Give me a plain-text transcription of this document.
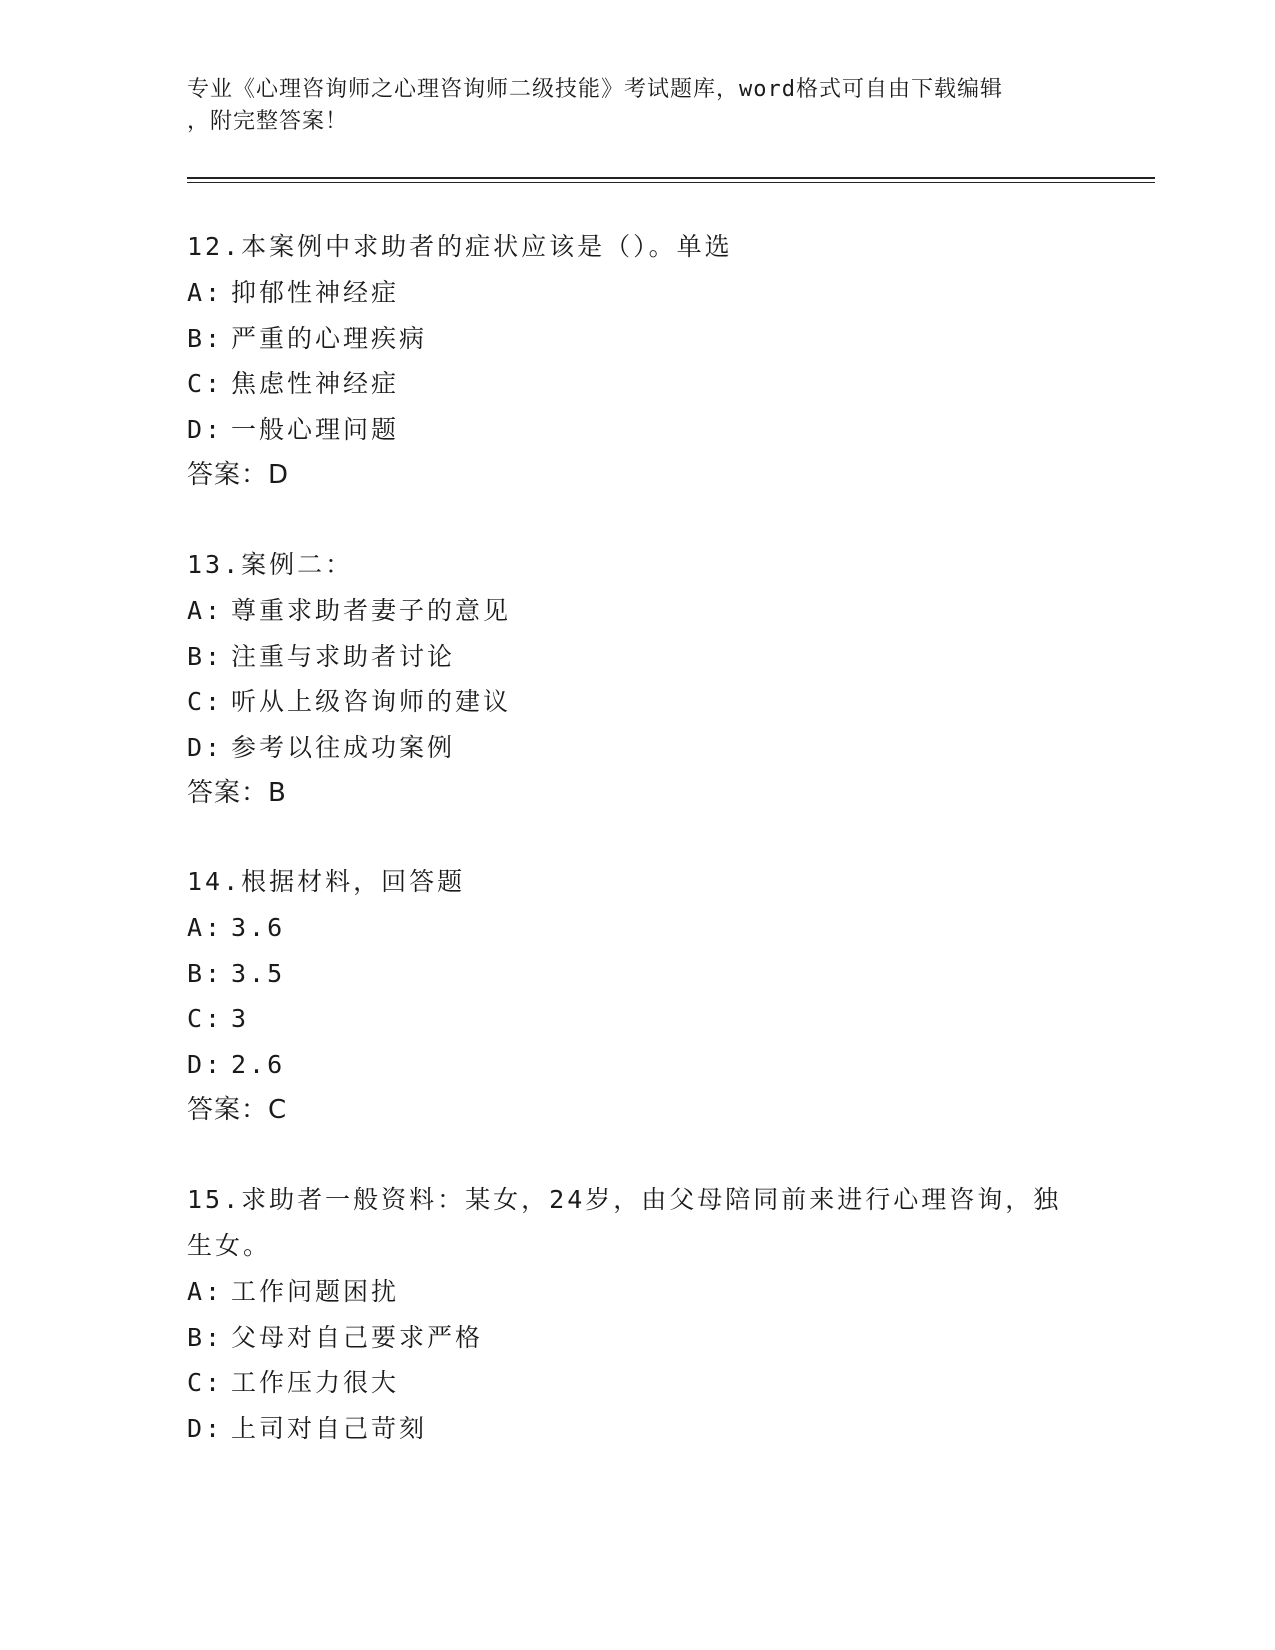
专业《心理咨询师之心理咨询师二级技能》考试题库，word格式可自由下载编辑
，附完整答案！
12.本案例中求助者的症状应该是（）。单选
A: 抑郁性神经症
B: 严重的心理疾病
C: 焦虑性神经症
D: 一般心理问题
答案：D
13.案例二：
A: 尊重求助者妻子的意见
B: 注重与求助者讨论
C: 听从上级咨询师的建议
D: 参考以往成功案例
答案：B
14.根据材料，回答题
A: 3.6
B: 3.5
C: 3
D: 2.6
答案：C
15.求助者一般资料：某女，24岁，由父母陪同前来进行心理咨询，独
生女。
A: 工作问题困扰
B: 父母对自己要求严格
C: 工作压力很大
D: 上司对自己苛刻
